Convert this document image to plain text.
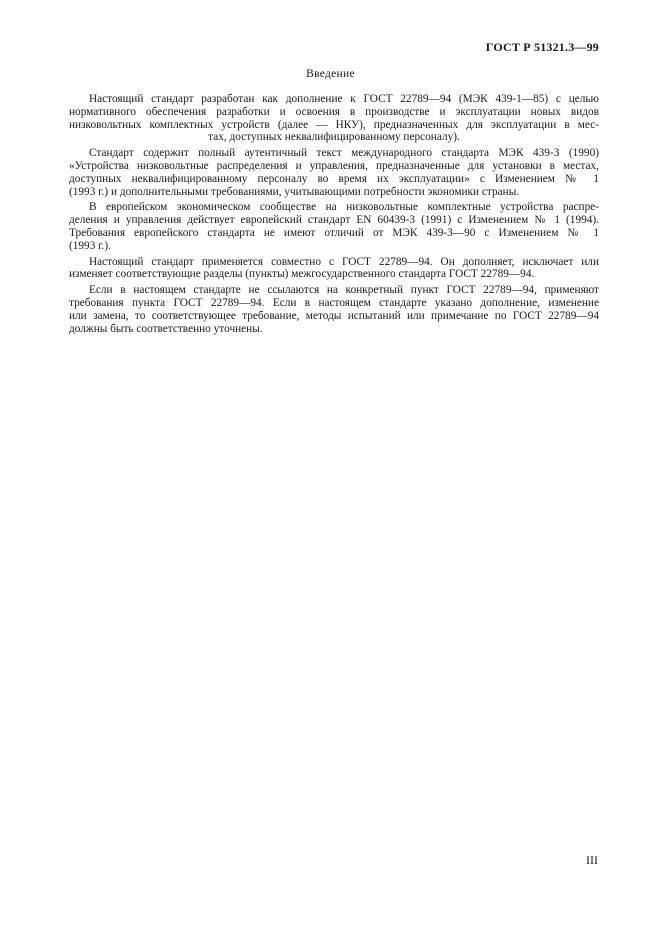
ГОСТ Р 51321.3—99
Введение

Настоящий стандарт разработан как дополнение к ГОСТ 22789—94 (МЭК 439-1—85) с целью
нормативного обеспечения разработки и освоения в производстве и эксплуатации новых видов
низковольтных комплектных устройств (далее — НКУ), предназначенных для эксплуатации в мес-
тах, доступных неквалифицированному персоналу).

Стандарт содержит полный аутентичный текст международного стандарта МЭК 439-3 (1990)
«Устройства низковольтные распределения и управления, предназначенные для установки в местах,
доступных неквалифицированному персоналу во время их эксплуатации» с Изменением № 1
(1993 г.) и дополнительными требованиями, учитывающими потребности экономики страны.

В европейском экономическом сообществе на низковольтные комплектные устройства распре-
деления и управления действует европейский стандарт EN 60439-3 (1991) с Изменением № 1 (1994).
Требования европейского стандарта не имеют отличий от МЭК 439-3—90 с Изменением № 1
(1993 г.).

Настоящий стандарт применяется совместно с ГОСТ 22789—94. Он дополняет, исключает или
изменяет соответствующие разделы (пункты) межгосударственного стандарта ГОСТ 22789—94.

Если в настоящем стандарте не ссылаются на конкретный пункт ГОСТ 22789—94, применяют
требования пункта ГОСТ 22789—94. Если в настоящем стандарте указано дополнение, изменение
или замена, то соответствующее требование, методы испытаний или примечание по ГОСТ 22789—94
должны быть соответственно уточнены.

III
